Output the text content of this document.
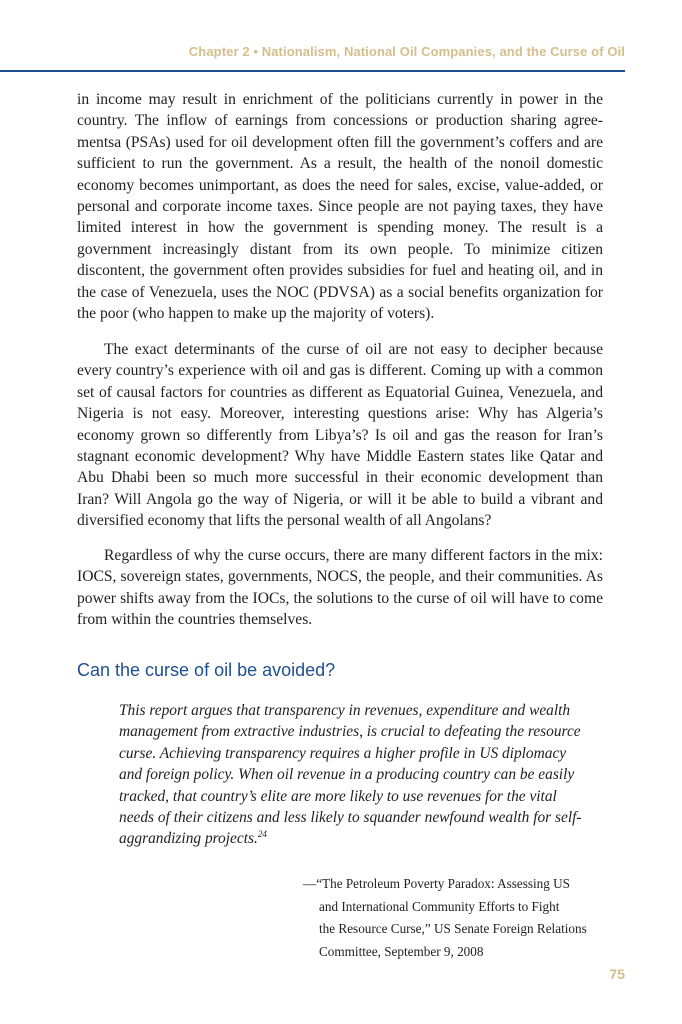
Chapter 2 • Nationalism, National Oil Companies, and the Curse of Oil

in income may result in enrichment of the politicians currently in power in the country. The inflow of earnings from concessions or production sharing agreementsa (PSAs) used for oil development often fill the government’s coffers and are sufficient to run the government. As a result, the health of the nonoil domestic economy becomes unimportant, as does the need for sales, excise, value-added, or personal and corporate income taxes. Since people are not paying taxes, they have limited interest in how the government is spending money. The result is a government increasingly distant from its own people. To minimize citizen discontent, the government often provides subsidies for fuel and heating oil, and in the case of Venezuela, uses the NOC (PDVSA) as a social benefits organization for the poor (who happen to make up the majority of voters).

The exact determinants of the curse of oil are not easy to decipher because every country’s experience with oil and gas is different. Coming up with a common set of causal factors for countries as different as Equatorial Guinea, Venezuela, and Nigeria is not easy. Moreover, interesting questions arise: Why has Algeria’s economy grown so differently from Libya’s? Is oil and gas the reason for Iran’s stagnant economic development? Why have Middle Eastern states like Qatar and Abu Dhabi been so much more successful in their economic development than Iran? Will Angola go the way of Nigeria, or will it be able to build a vibrant and diversified economy that lifts the personal wealth of all Angolans?

Regardless of why the curse occurs, there are many different factors in the mix: IOCS, sovereign states, governments, NOCS, the people, and their communities. As power shifts away from the IOCs, the solutions to the curse of oil will have to come from within the countries themselves.

Can the curse of oil be avoided?

This report argues that transparency in revenues, expenditure and wealth management from extractive industries, is crucial to defeating the resource curse. Achieving transparency requires a higher profile in US diplomacy and foreign policy. When oil revenue in a producing country can be easily tracked, that country’s elite are more likely to use revenues for the vital needs of their citizens and less likely to squander newfound wealth for self-aggrandizing projects.$^{24}$

—“The Petroleum Poverty Paradox: Assessing US
and International Community Efforts to Fight
the Resource Curse,” US Senate Foreign Relations
Committee, September 9, 2008
75
